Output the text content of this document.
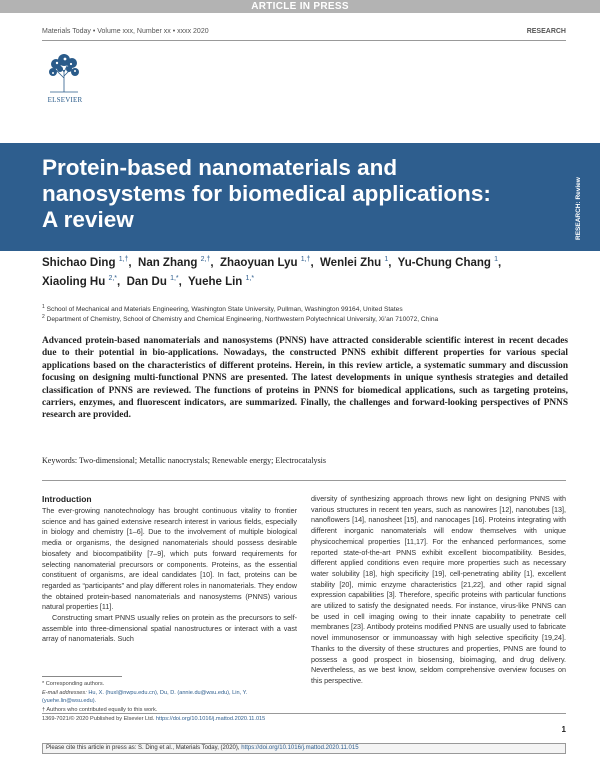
ARTICLE IN PRESS
Materials Today • Volume xxx, Number xx • xxxx 2020	RESEARCH
ELSEVIER
Protein-based nanomaterials and
nanosystems for biomedical applications:
A review	RESEARCH: Review
Shichao Ding $^{1,\dagger}$,  Nan Zhang $^{2,\dagger}$,  Zhaoyuan Lyu $^{1,\dagger}$,  Wenlei Zhu $^1$,  Yu-Chung Chang $^1$,
Xiaoling Hu $^{2,*}$,  Dan Du $^{1,*}$,  Yuehe Lin $^{1,*}$
$^1$ School of Mechanical and Materials Engineering, Washington State University, Pullman, Washington 99164, United States
$^2$ Department of Chemistry, School of Chemistry and Chemical Engineering, Northwestern Polytechnical University, Xi’an 710072, China

Advanced protein-based nanomaterials and nanosystems (PNNS) have attracted considerable scientific interest in recent decades due to their potential in bio-applications. Nowadays, the constructed PNNS exhibit different properties for various special applications based on the characteristics of different proteins. Herein, in this review article, a systematic summary and discussion focusing on designing multi-functional PNNS are presented. The latest developments in unique synthesis strategies and detailed classification of PNNS are reviewed. The functions of proteins in PNNS for biomedical applications, such as targeting proteins, carriers, enzymes, and fluorescent indicators, are summarized. Finally, the challenges and forward-looking perspectives of PNNS research are provided.

Keywords: Two-dimensional; Metallic nanocrystals; Renewable energy; Electrocatalysis
Introduction

The ever-growing nanotechnology has brought continuous vitality to frontier science and has gained extensive research interest in various fields, especially in biology and chemistry [1–6]. Due to the involvement of multiple biological media or organisms, the designed nanomaterials should possess desirable biosafety and biocompatibility [7–9], which puts forward requirements for selecting nanomaterial precursors or components. Proteins, as the essential constituent of organisms, are ideal candidates [10]. In fact, proteins can be regarded as “participants” and play different roles in nanomaterials. They endow the obtained protein-based nanomaterials and nanosystems (PNNS) various natural properties [11].

Constructing smart PNNS usually relies on protein as the precursors to self-assemble into three-dimensional spatial nanostructures or interact with a vast array of nanomaterials. Such

diversity of synthesizing approach throws new light on designing PNNS with various structures in recent ten years, such as nanowires [12], nanotubes [13], nanoflowers [14], nanosheet [15], and nanocages [16]. Proteins integrating with different inorganic nanomaterials will endow themselves with unique physicochemical properties [11,17]. For the enhanced performances, some reported state-of-the-art PNNS exhibit excellent biocompatibility. Besides, different applied conditions even require more properties such as necessary water solubility [18], high specificity [19], cell-penetrating ability [1], excellent stability [20], mimic enzyme characteristics [21,22], and other rapid signal expression capabilities [3]. Therefore, specific proteins with particular functions are utilized to satisfy the designated needs. For instance, virus-like PNNS can be used in cell imaging owing to their innate capability to penetrate cell membranes [23]. Antibody proteins modified PNNS are usually used to fabricate novel immunosensor or immunoassay with high selective specificity [19,24]. Thanks to the diversity of these structures and properties, PNNS are found to possess a good prospect in biosensing, bioimaging, and drug delivery. Nevertheless, as we best know, seldom comprehensive overview focuses on this perspective.

* Corresponding authors.
E-mail addresses: Hu, X. (huxl@nwpu.edu.cn), Du, D. (annie.du@wsu.edu), Lin, Y. (yuehe.lin@wsu.edu).
† Authors who contributed equally to this work.
1369-7021/© 2020 Published by Elsevier Ltd. https://doi.org/10.1016/j.mattod.2020.11.015
1
Please cite this article in press as: S. Ding et al., Materials Today, (2020), https://doi.org/10.1016/j.mattod.2020.11.015
